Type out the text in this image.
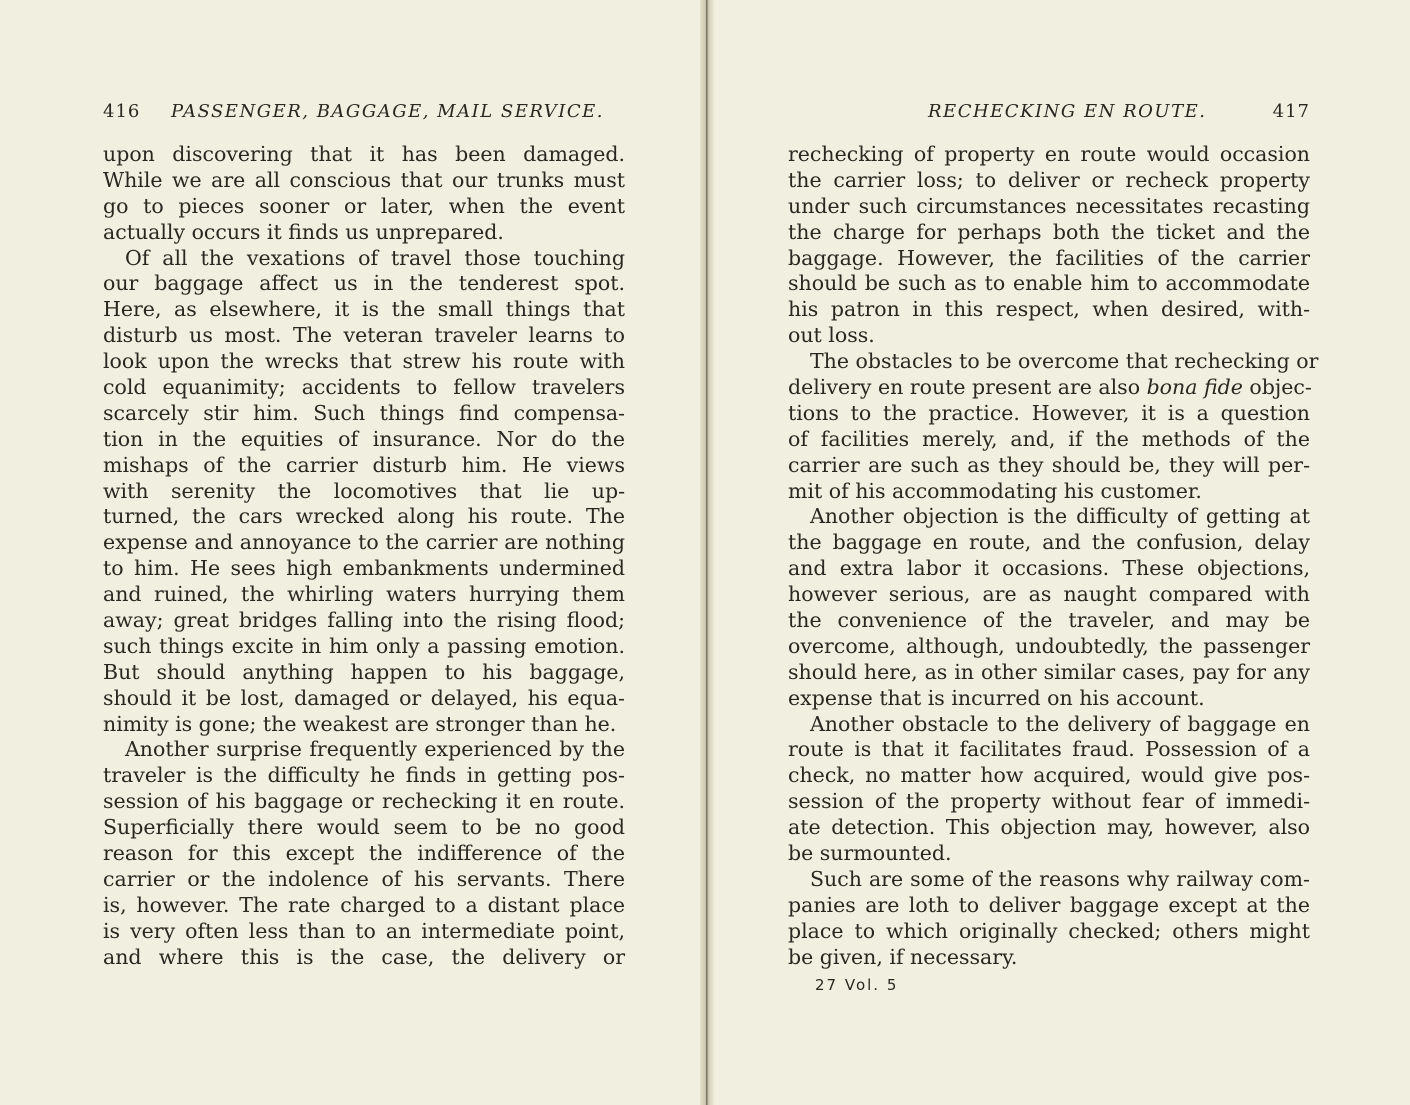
416 PASSENGER, BAGGAGE, MAIL SERVICE.
upon discovering that it has been damaged.
While we are all conscious that our trunks must
go to pieces sooner or later, when the event
actually occurs it finds us unprepared.
Of all the vexations of travel those touching
our baggage affect us in the tenderest spot.
Here, as elsewhere, it is the small things that
disturb us most. The veteran traveler learns to
look upon the wrecks that strew his route with
cold equanimity; accidents to fellow travelers
scarcely stir him. Such things find compensa-
tion in the equities of insurance. Nor do the
mishaps of the carrier disturb him. He views
with serenity the locomotives that lie up-
turned, the cars wrecked along his route. The
expense and annoyance to the carrier are nothing
to him. He sees high embankments undermined
and ruined, the whirling waters hurrying them
away; great bridges falling into the rising flood;
such things excite in him only a passing emotion.
But should anything happen to his baggage,
should it be lost, damaged or delayed, his equa-
nimity is gone; the weakest are stronger than he.
Another surprise frequently experienced by the
traveler is the difficulty he finds in getting pos-
session of his baggage or rechecking it en route.
Superficially there would seem to be no good
reason for this except the indifference of the
carrier or the indolence of his servants. There
is, however. The rate charged to a distant place
is very often less than to an intermediate point,
and where this is the case, the delivery or
RECHECKING EN ROUTE.	417
rechecking of property en route would occasion
the carrier loss; to deliver or recheck property
under such circumstances necessitates recasting
the charge for perhaps both the ticket and the
baggage. However, the facilities of the carrier
should be such as to enable him to accommodate
his patron in this respect, when desired, with-
out loss.
The obstacles to be overcome that rechecking or
delivery en route present are also bona fide objec-
tions to the practice. However, it is a question
of facilities merely, and, if the methods of the
carrier are such as they should be, they will per-
mit of his accommodating his customer.
Another objection is the difficulty of getting at
the baggage en route, and the confusion, delay
and extra labor it occasions. These objections,
however serious, are as naught compared with
the convenience of the traveler, and may be
overcome, although, undoubtedly, the passenger
should here, as in other similar cases, pay for any
expense that is incurred on his account.
Another obstacle to the delivery of baggage en
route is that it facilitates fraud. Possession of a
check, no matter how acquired, would give pos-
session of the property without fear of immedi-
ate detection. This objection may, however, also
be surmounted.
Such are some of the reasons why railway com-
panies are loth to deliver baggage except at the
place to which originally checked; others might
be given, if necessary.
27 Vol. 5
